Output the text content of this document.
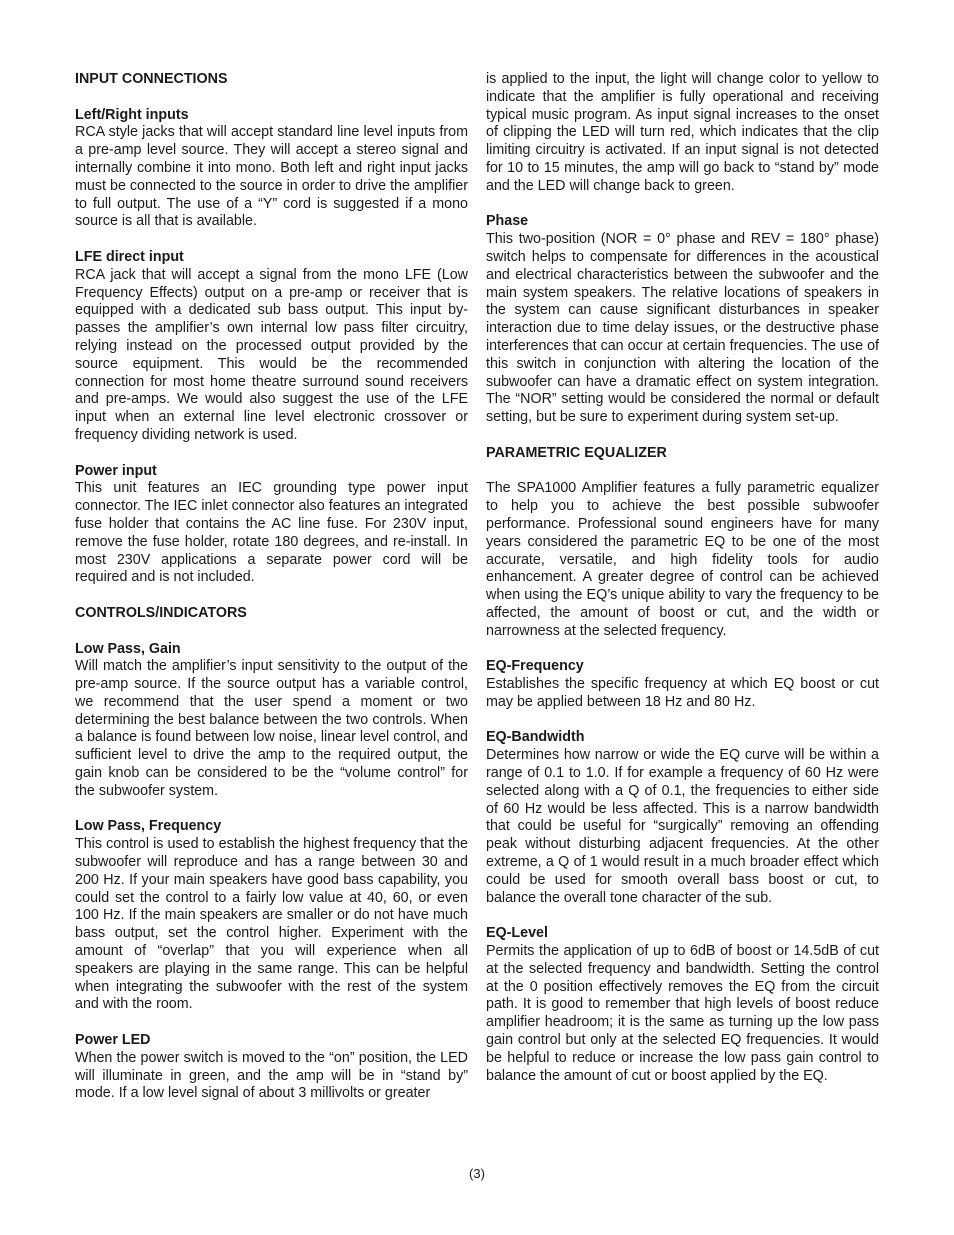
INPUT CONNECTIONS
Left/Right inputs

RCA style jacks that will accept standard line level inputs from a pre-amp level source. They will accept a stereo signal and internally combine it into mono. Both left and right input jacks must be connected to the source in order to drive the amplifier to full output. The use of a “Y” cord is suggested if a mono source is all that is available.

LFE direct input

RCA jack that will accept a signal from the mono LFE (Low Frequency Effects) output on a pre-amp or receiver that is equipped with a dedicated sub bass output. This input by-passes the amplifier’s own internal low pass filter circuitry, relying instead on the processed output provided by the source equipment. This would be the recommended connection for most home theatre surround sound receivers and pre-amps. We would also suggest the use of the LFE input when an external line level electronic crossover or frequency dividing network is used.

Power input

This unit features an IEC grounding type power input connector. The IEC inlet connector also features an integrated fuse holder that contains the AC line fuse. For 230V input, remove the fuse holder, rotate 180 degrees, and re-install. In most 230V applications a separate power cord will be required and is not included.

CONTROLS/INDICATORS
Low Pass, Gain

Will match the amplifier’s input sensitivity to the output of the pre-amp source. If the source output has a variable control, we recommend that the user spend a moment or two determining the best balance between the two controls. When a balance is found between low noise, linear level control, and sufficient level to drive the amp to the required output, the gain knob can be considered to be the “volume control” for the subwoofer system.

Low Pass, Frequency

This control is used to establish the highest frequency that the subwoofer will reproduce and has a range between 30 and 200 Hz. If your main speakers have good bass capability, you could set the control to a fairly low value at 40, 60, or even 100 Hz. If the main speakers are smaller or do not have much bass output, set the control higher. Experiment with the amount of “overlap” that you will experience when all speakers are playing in the same range. This can be helpful when integrating the subwoofer with the rest of the system and with the room.

Power LED

When the power switch is moved to the “on” position, the LED will illuminate in green, and the amp will be in “stand by” mode. If a low level signal of about 3 millivolts or greater

is applied to the input, the light will change color to yellow to indicate that the amplifier is fully operational and receiving typical music program. As input signal increases to the onset of clipping the LED will turn red, which indicates that the clip limiting circuitry is activated. If an input signal is not detected for 10 to 15 minutes, the amp will go back to “stand by” mode and the LED will change back to green.

Phase

This two-position (NOR = 0° phase and REV = 180° phase) switch helps to compensate for differences in the acoustical and electrical characteristics between the subwoofer and the main system speakers. The relative locations of speakers in the system can cause significant disturbances in speaker interaction due to time delay issues, or the destructive phase interferences that can occur at certain frequencies. The use of this switch in conjunction with altering the location of the subwoofer can have a dramatic effect on system integration. The “NOR” setting would be considered the normal or default setting, but be sure to experiment during system set-up.

PARAMETRIC EQUALIZER

The SPA1000 Amplifier features a fully parametric equalizer to help you to achieve the best possible subwoofer performance. Professional sound engineers have for many years considered the parametric EQ to be one of the most accurate, versatile, and high fidelity tools for audio enhancement. A greater degree of control can be achieved when using the EQ’s unique ability to vary the frequency to be affected, the amount of boost or cut, and the width or narrowness at the selected frequency.

EQ-Frequency

Establishes the specific frequency at which EQ boost or cut may be applied between 18 Hz and 80 Hz.

EQ-Bandwidth

Determines how narrow or wide the EQ curve will be within a range of 0.1 to 1.0. If for example a frequency of 60 Hz were selected along with a Q of 0.1, the frequencies to either side of 60 Hz would be less affected. This is a narrow bandwidth that could be useful for “surgically” removing an offending peak without disturbing adjacent frequencies. At the other extreme, a Q of 1 would result in a much broader effect which could be used for smooth overall bass boost or cut, to balance the overall tone character of the sub.

EQ-Level

Permits the application of up to 6dB of boost or 14.5dB of cut at the selected frequency and bandwidth. Setting the control at the 0 position effectively removes the EQ from the circuit path. It is good to remember that high levels of boost reduce amplifier headroom; it is the same as turning up the low pass gain control but only at the selected EQ frequencies. It would be helpful to reduce or increase the low pass gain control to balance the amount of cut or boost applied by the EQ.

(3)
